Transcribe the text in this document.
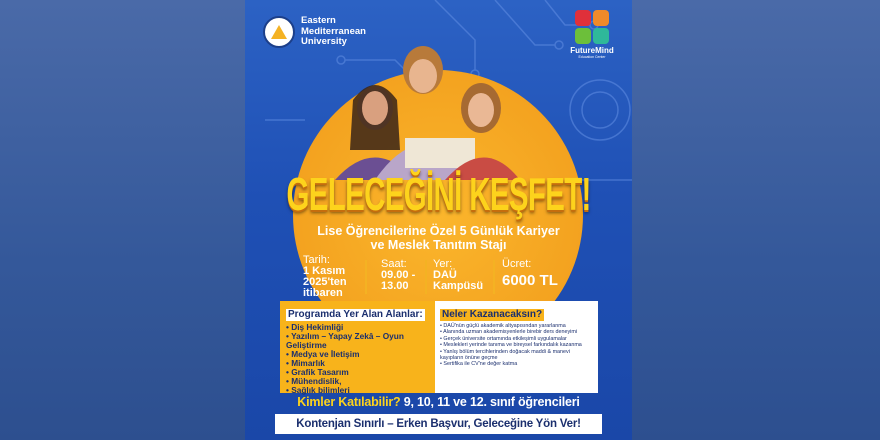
Eastern
Mediterranean
University
FutureMind
Education Center
GELECEĞİNİ KEŞFET!
Lise Öğrencilerine Özel 5 Günlük Kariyer
ve Meslek Tanıtım Stajı
Tarih:
1 Kasım
2025'ten
itibaren
Saat:
09.00 -
13.00
Yer:
DAÜ
Kampüsü
Ücret:
6000 TL
Programda Yer Alan Alanlar:
• Diş Hekimliği
• Yazılım – Yapay Zekâ – Oyun Geliştirme
• Medya ve İletişim
• Mimarlık
• Grafik Tasarım
• Mühendislik,
• Sağlık bilimleri
Neler Kazanacaksın?
• DAÜ'nün güçlü akademik altyapısından yararlanma
• Alanında uzman akademisyenlerle birebir ders deneyimi
• Gerçek üniversite ortamında etkileşimli uygulamalar
• Meslekleri yerinde tanıma ve bireysel farkındalık kazanma
• Yanlış bölüm tercihlerinden doğacak maddi & manevi kayıpların önüne geçme
• Sertifika ile CV'ne değer katma
Kimler Katılabilir? 9, 10, 11 ve 12. sınıf öğrencileri
Kontenjan Sınırlı – Erken Başvur, Geleceğine Yön Ver!
